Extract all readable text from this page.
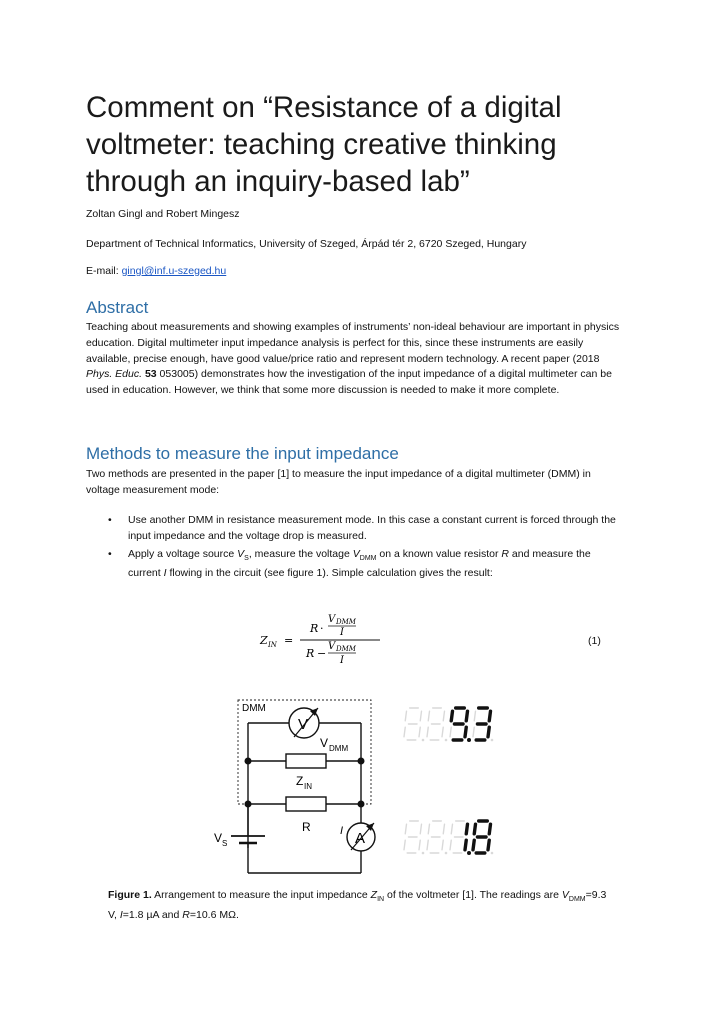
Comment on “Resistance of a digital voltmeter: teaching creative thinking through an inquiry-based lab”
Zoltan Gingl and Robert Mingesz
Department of Technical Informatics, University of Szeged, Árpád tér 2, 6720 Szeged, Hungary
E-mail: gingl@inf.u-szeged.hu
Abstract

Teaching about measurements and showing examples of instruments’ non-ideal behaviour are important in physics education. Digital multimeter input impedance analysis is perfect for this, since these instruments are easily available, precise enough, have good value/price ratio and represent modern technology. A recent paper (2018 Phys. Educ. 53 053005) demonstrates how the investigation of the input impedance of a digital multimeter can be used in education. However, we think that some more discussion is needed to make it more complete.

Methods to measure the input impedance

Two methods are presented in the paper [1] to measure the input impedance of a digital multimeter (DMM) in voltage measurement mode:

• Use another DMM in resistance measurement mode. In this case a constant current is forced through the input impedance and the voltage drop is measured.
• Apply a voltage source $V_S$, measure the voltage $V_{DMM}$ on a known value resistor R and measure the current I flowing in the circuit (see figure 1). Simple calculation gives the result:
Z IN =
R ·
V DMM
I
R −
V DMM
I
(1)
DMM
V
V DMM
Z IN
R
V S	A
I

Figure 1. Arrangement to measure the input impedance $Z_{IN}$ of the voltmeter [1]. The readings are $V_{DMM}=9.3$ V, I=1.8 µA and R=10.6 MΩ.
